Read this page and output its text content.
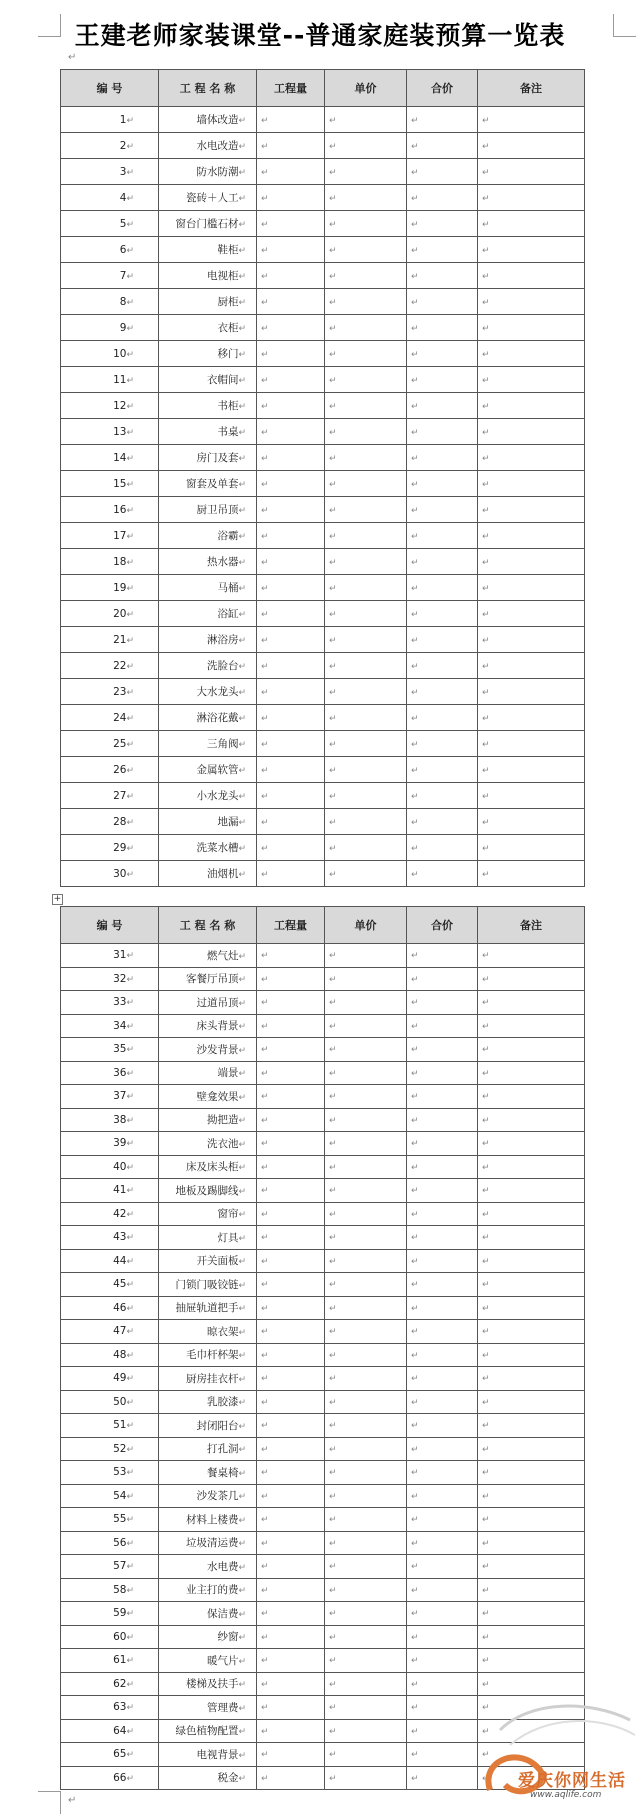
王建老师家装课堂--普通家庭装预算一览表
↵
编 号	工 程 名 称	工程量	单价	合价	备注
1↵	墙体改造↵	↵	↵	↵	↵
2↵	水电改造↵	↵	↵	↵	↵
3↵	防水防潮↵	↵	↵	↵	↵
4↵	瓷砖＋人工↵	↵	↵	↵	↵
5↵	窗台门槛石材↵	↵	↵	↵	↵
6↵	鞋柜↵	↵	↵	↵	↵
7↵	电视柜↵	↵	↵	↵	↵
8↵	厨柜↵	↵	↵	↵	↵
9↵	衣柜↵	↵	↵	↵	↵
10↵	移门↵	↵	↵	↵	↵
11↵	衣帽间↵	↵	↵	↵	↵
12↵	书柜↵	↵	↵	↵	↵
13↵	书桌↵	↵	↵	↵	↵
14↵	房门及套↵	↵	↵	↵	↵
15↵	窗套及单套↵	↵	↵	↵	↵
16↵	厨卫吊顶↵	↵	↵	↵	↵
17↵	浴霸↵	↵	↵	↵	↵
18↵	热水器↵	↵	↵	↵	↵
19↵	马桶↵	↵	↵	↵	↵
20↵	浴缸↵	↵	↵	↵	↵
21↵	淋浴房↵	↵	↵	↵	↵
22↵	洗脸台↵	↵	↵	↵	↵
23↵	大水龙头↵	↵	↵	↵	↵
24↵	淋浴花戴↵	↵	↵	↵	↵
25↵	三角阀↵	↵	↵	↵	↵
26↵	金属软管↵	↵	↵	↵	↵
27↵	小水龙头↵	↵	↵	↵	↵
28↵	地漏↵	↵	↵	↵	↵
29↵	洗菜水槽↵	↵	↵	↵	↵
30↵	油烟机↵	↵	↵	↵	↵
+
编 号	工 程 名 称	工程量	单价	合价	备注
31↵	燃气灶↵	↵	↵	↵	↵
32↵	客餐厅吊顶↵	↵	↵	↵	↵
33↵	过道吊顶↵	↵	↵	↵	↵
34↵	床头背景↵	↵	↵	↵	↵
35↵	沙发背景↵	↵	↵	↵	↵
36↵	端景↵	↵	↵	↵	↵
37↵	壁龛效果↵	↵	↵	↵	↵
38↵	拗把造↵	↵	↵	↵	↵
39↵	洗衣池↵	↵	↵	↵	↵
40↵	床及床头柜↵	↵	↵	↵	↵
41↵	地板及踢脚线↵	↵	↵	↵	↵
42↵	窗帘↵	↵	↵	↵	↵
43↵	灯具↵	↵	↵	↵	↵
44↵	开关面板↵	↵	↵	↵	↵
45↵	门锁门吸铰链↵	↵	↵	↵	↵
46↵	抽屉轨道把手↵	↵	↵	↵	↵
47↵	晾衣架↵	↵	↵	↵	↵
48↵	毛巾杆杯架↵	↵	↵	↵	↵
49↵	厨房挂衣杆↵	↵	↵	↵	↵
50↵	乳胶漆↵	↵	↵	↵	↵
51↵	封闭阳台↵	↵	↵	↵	↵
52↵	打孔洞↵	↵	↵	↵	↵
53↵	餐桌椅↵	↵	↵	↵	↵
54↵	沙发茶几↵	↵	↵	↵	↵
55↵	材料上楼费↵	↵	↵	↵	↵
56↵	垃圾清运费↵	↵	↵	↵	↵
57↵	水电费↵	↵	↵	↵	↵
58↵	业主打的费↵	↵	↵	↵	↵
59↵	保洁费↵	↵	↵	↵	↵
60↵	纱窗↵	↵	↵	↵	↵
61↵	暖气片↵	↵	↵	↵	↵
62↵	楼梯及扶手↵	↵	↵	↵	↵
63↵	管理费↵	↵	↵	↵	↵
64↵	绿色植物配置↵	↵	↵	↵	↵
65↵	电视背景↵	↵	↵	↵	↵
66↵	税金↵	↵	↵	↵	↵
↵
爱庆你网生活
www.aqlife.com
